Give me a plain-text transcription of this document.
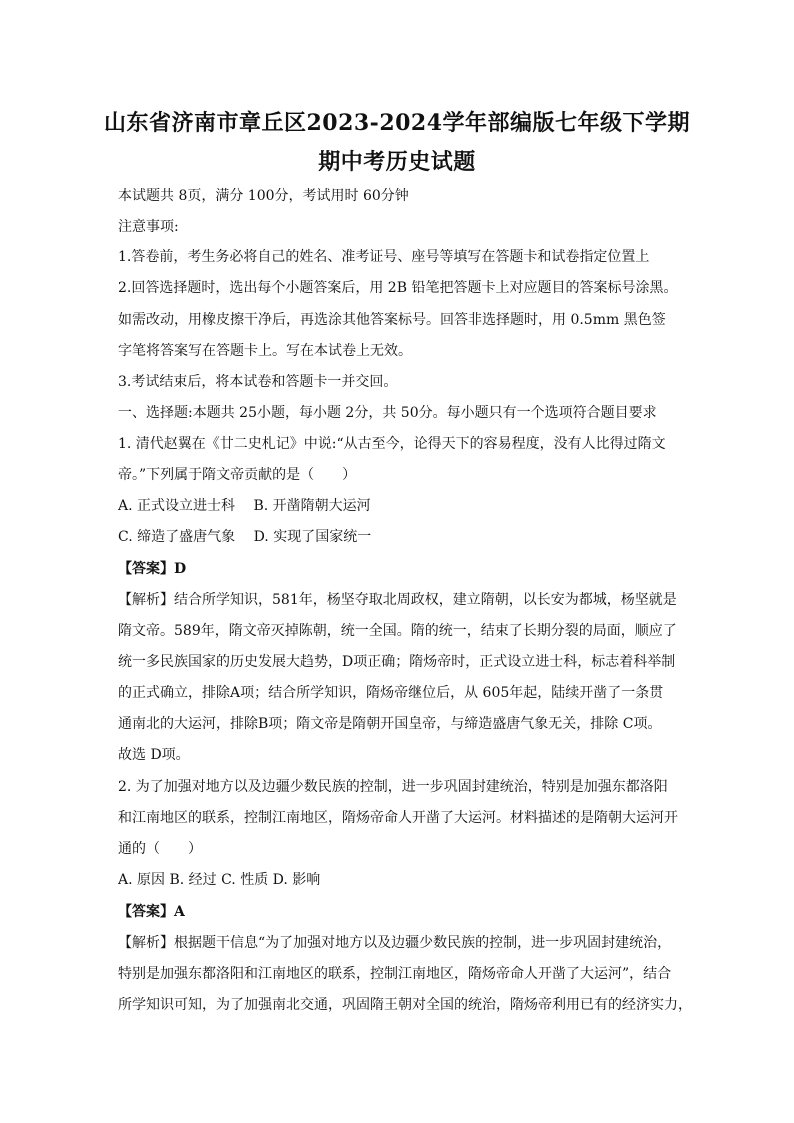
山东省济南市章丘区2023-2024学年部编版七年级下学期
期中考历史试题
本试题共 8页，满分 100分，考试用时 60分钟
注意事项:
1.答卷前，考生务必将自己的姓名、准考证号、座号等填写在答题卡和试卷指定位置上
2.回答选择题时，选出每个小题答案后，用 2B 铅笔把答题卡上对应题目的答案标号涂黑。
如需改动，用橡皮擦干净后，再选涂其他答案标号。回答非选择题时，用 0.5mm 黑色签
字笔将答案写在答题卡上。写在本试卷上无效。
3.考试结束后，将本试卷和答题卡一并交回。
一、选择题:本题共 25小题，每小题 2分，共 50分。每小题只有一个选项符合题目要求
1. 清代赵翼在《廿二史札记》中说:“从古至今，论得天下的容易程度，没有人比得过隋文
帝。”下列属于隋文帝贡献的是（　　）
A. 正式设立进士科　 B. 开凿隋朝大运河
C. 缔造了盛唐气象　 D. 实现了国家统一
【答案】D
【解析】结合所学知识，581年，杨坚夺取北周政权，建立隋朝，以长安为都城，杨坚就是
隋文帝。589年，隋文帝灭掉陈朝，统一全国。隋的统一，结束了长期分裂的局面，顺应了
统一多民族国家的历史发展大趋势，D项正确；隋炀帝时，正式设立进士科，标志着科举制
的正式确立，排除A项；结合所学知识，隋炀帝继位后，从 605年起，陆续开凿了一条贯
通南北的大运河，排除B项；隋文帝是隋朝开国皇帝，与缔造盛唐气象无关，排除 C项。
故选 D项。
2. 为了加强对地方以及边疆少数民族的控制，进一步巩固封建统治，特别是加强东都洛阳
和江南地区的联系，控制江南地区，隋炀帝命人开凿了大运河。材料描述的是隋朝大运河开
通的（　　）
A. 原因 B. 经过 C. 性质 D. 影响
【答案】A
【解析】根据题干信息“为了加强对地方以及边疆少数民族的控制，进一步巩固封建统治，
特别是加强东都洛阳和江南地区的联系，控制江南地区，隋炀帝命人开凿了大运河”，结合
所学知识可知，为了加强南北交通，巩固隋王朝对全国的统治，隋炀帝利用已有的经济实力，
